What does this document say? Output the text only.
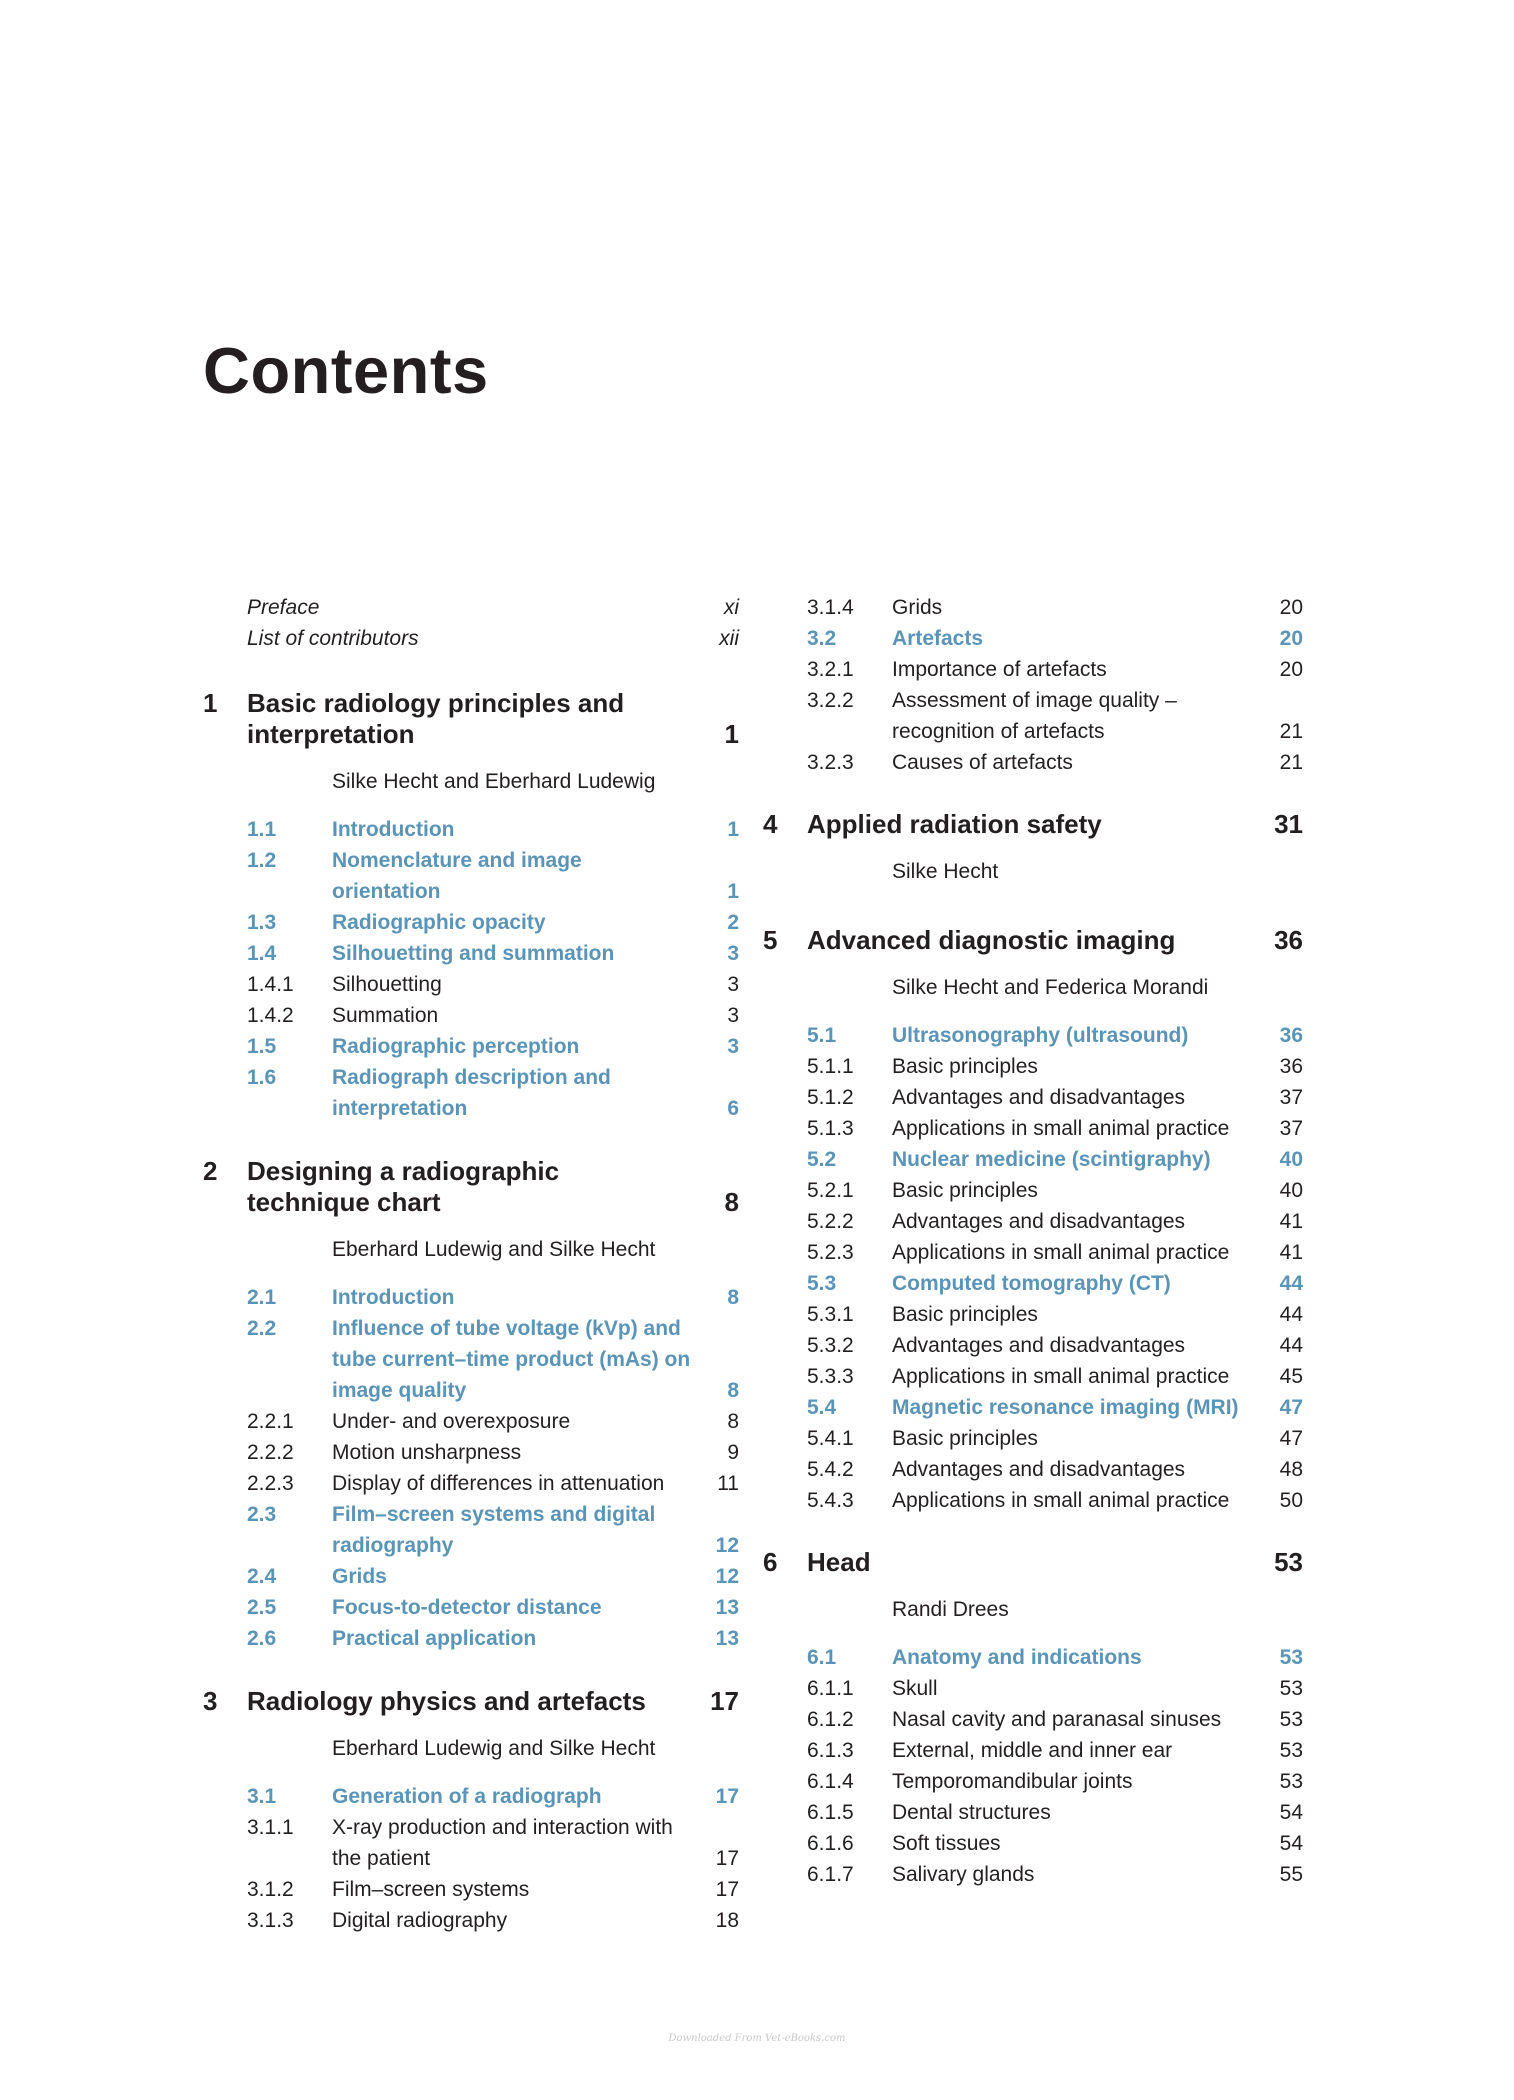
Contents
Preface	xi
List of contributors	xii
1 Basic radiology principles and interpretation	1
Silke Hecht and Eberhard Ludewig
1.1	Introduction	1
1.2	Nomenclature and image orientation	1
1.3	Radiographic opacity	2
1.4	Silhouetting and summation	3
1.4.1 Silhouetting	3
1.4.2 Summation	3
1.5	Radiographic perception	3
1.6	Radiograph description and interpretation	6
2 Designing a radiographic technique chart	8
Eberhard Ludewig and Silke Hecht
2.1	Introduction	8
2.2	Influence of tube voltage (kVp) and tube current–time product (mAs) on image quality	8
2.2.1 Under- and overexposure	8
2.2.2 Motion unsharpness	9
2.2.3 Display of differences in attenuation	11
2.3	Film–screen systems and digital radiography	12
2.4	Grids	12
2.5	Focus-to-detector distance	13
2.6	Practical application	13
3 Radiology physics and artefacts	17
Eberhard Ludewig and Silke Hecht
3.1	Generation of a radiograph	17
3.1.1 X-ray production and interaction with the patient	17
3.1.2 Film–screen systems	17
3.1.3 Digital radiography	18
3.1.4 Grids	20
3.2	Artefacts	20
3.2.1 Importance of artefacts	20
3.2.2 Assessment of image quality – recognition of artefacts	21
3.2.3 Causes of artefacts	21
4 Applied radiation safety	31
Silke Hecht
5 Advanced diagnostic imaging	36
Silke Hecht and Federica Morandi
5.1	Ultrasonography (ultrasound)	36
5.1.1 Basic principles	36
5.1.2 Advantages and disadvantages	37
5.1.3 Applications in small animal practice	37
5.2	Nuclear medicine (scintigraphy)	40
5.2.1 Basic principles	40
5.2.2 Advantages and disadvantages	41
5.2.3 Applications in small animal practice	41
5.3	Computed tomography (CT)	44
5.3.1 Basic principles	44
5.3.2 Advantages and disadvantages	44
5.3.3 Applications in small animal practice	45
5.4	Magnetic resonance imaging (MRI)	47
5.4.1 Basic principles	47
5.4.2 Advantages and disadvantages	48
5.4.3 Applications in small animal practice	50
6 Head	53
Randi Drees
6.1	Anatomy and indications	53
6.1.1 Skull	53
6.1.2 Nasal cavity and paranasal sinuses	53
6.1.3 External, middle and inner ear	53
6.1.4 Temporomandibular joints	53
6.1.5 Dental structures	54
6.1.6 Soft tissues	54
6.1.7 Salivary glands	55
Downloaded From Vet-eBooks.com
